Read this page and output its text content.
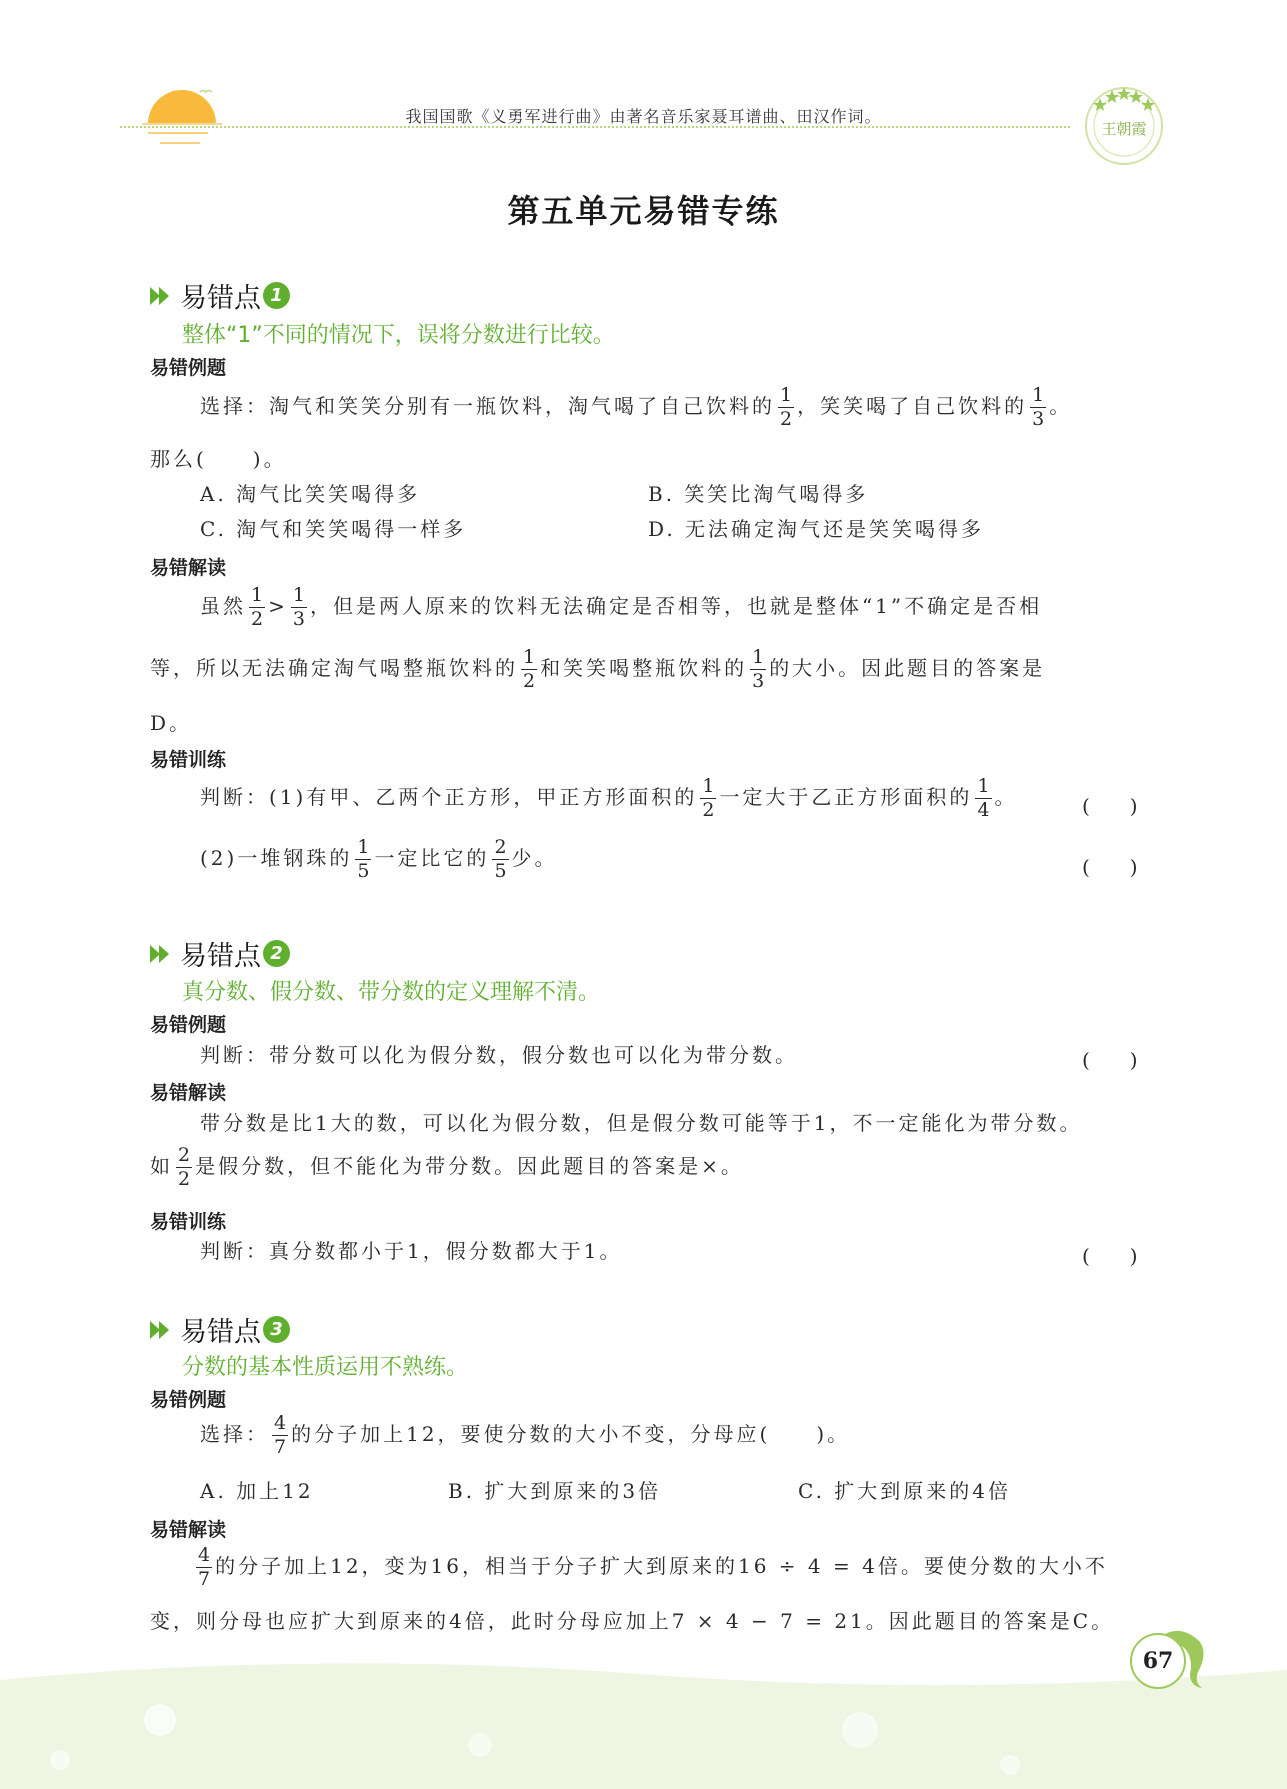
我国国歌《义勇军进行曲》由著名音乐家聂耳谱曲、田汉作词。
王朝霞
第五单元易错专练
易错点 1
整体“1”不同的情况下，误将分数进行比较。
易错例题
选择：淘气和笑笑分别有一瓶饮料，淘气喝了自己饮料的 $\frac{1}{2}$ ，笑笑喝了自己饮料的 $\frac{1}{3}$ 。
那么(　　)。
A. 淘气比笑笑喝得多	B. 笑笑比淘气喝得多
C. 淘气和笑笑喝得一样多	D. 无法确定淘气还是笑笑喝得多
易错解读
虽然 $\frac{1}{2} > \frac{1}{3}$ ，但是两人原来的饮料无法确定是否相等，也就是整体“1”不确定是否相
等，所以无法确定淘气喝整瓶饮料的 $\frac{1}{2}$ 和笑笑喝整瓶饮料的 $\frac{1}{3}$ 的大小。因此题目的答案是
D。
易错训练
判断：(1)有甲、乙两个正方形，甲正方形面积的 $\frac{1}{2}$ 一定大于乙正方形面积的 $\frac{1}{4}$ 。	(　　)
(2)一堆钢珠的 $\frac{1}{5}$ 一定比它的 $\frac{2}{5}$ 少。	(　　)
易错点 2
真分数、假分数、带分数的定义理解不清。
易错例题
判断：带分数可以化为假分数，假分数也可以化为带分数。	(　　)
易错解读
带分数是比1大的数，可以化为假分数，但是假分数可能等于1，不一定能化为带分数。
如 $\frac{2}{2}$ 是假分数，但不能化为带分数。因此题目的答案是×。
易错训练
判断：真分数都小于1，假分数都大于1。	(　　)
易错点 3
分数的基本性质运用不熟练。
易错例题
选择： $\frac{4}{7}$ 的分子加上12，要使分数的大小不变，分母应(　　)。
A. 加上12	B. 扩大到原来的3倍	C. 扩大到原来的4倍
易错解读
$\frac{4}{7}$ 的分子加上12，变为16，相当于分子扩大到原来的16 ÷ 4 = 4倍。要使分数的大小不
变，则分母也应扩大到原来的4倍，此时分母应加上7 × 4 − 7 = 21。因此题目的答案是C。
67
